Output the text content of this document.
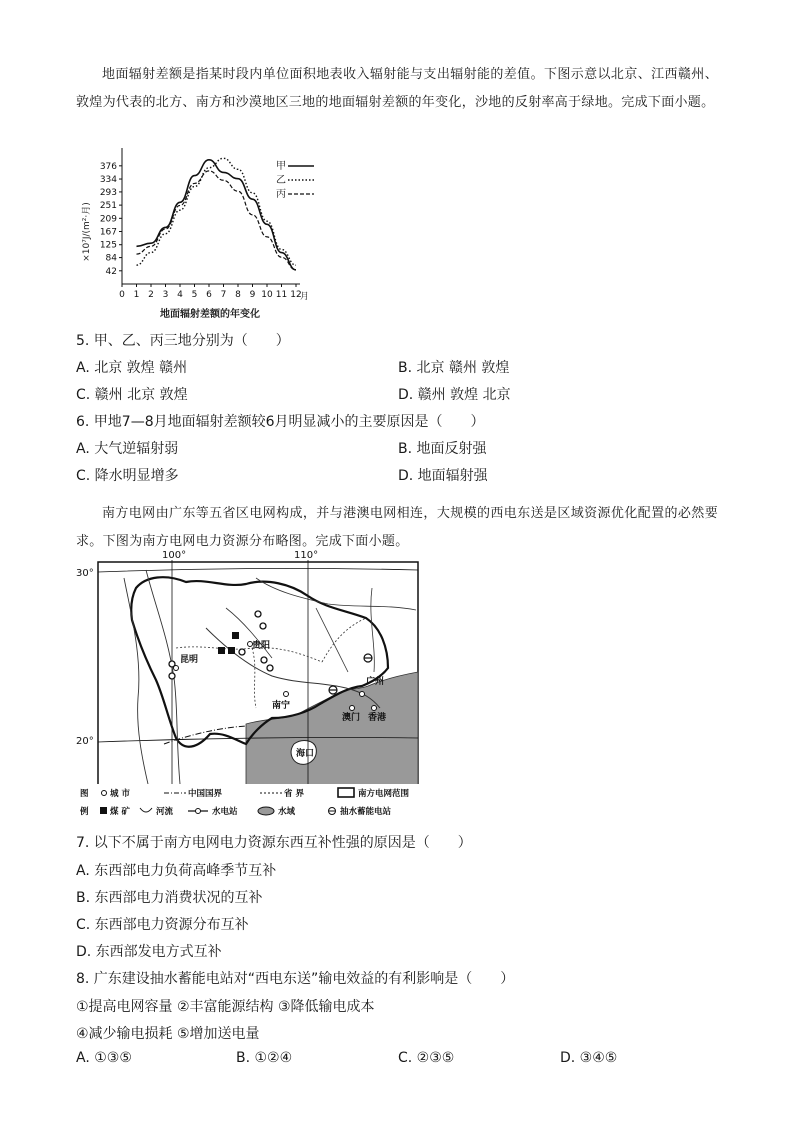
地面辐射差额是指某时段内单位面积地表收入辐射能与支出辐射能的差值。下图示意以北京、江西赣州、敦煌为代表的北方、南方和沙漠地区三地的地面辐射差额的年变化，沙地的反射率高于绿地。完成下面小题。

42
84
125
167
209
251
293
334
376
0 1 2 3 4 5 6 7 8 9 10 11 12
甲
乙
丙
×10⁷J/(m²·月)
月
地面辐射差额的年变化
5. 甲、乙、丙三地分别为（　　）
A. 北京 敦煌 赣州	B. 北京 赣州 敦煌
C. 赣州 北京 敦煌	D. 赣州 敦煌 北京
6. 甲地7—8月地面辐射差额较6月明显减小的主要原因是（　　）
A. 大气逆辐射弱	B. 地面反射强
C. 降水明显增多	D. 地面辐射强

南方电网由广东等五省区电网构成，并与港澳电网相连，大规模的西电东送是区域资源优化配置的必然要求。下图为南方电网电力资源分布略图。完成下面小题。

昆明
贵阳
南宁
广州
澳门 香港
海口
100°	110°
30°
20°
图
例
城 市	中国国界	省 界	南方电网范围
煤 矿	河流	水电站	水域	抽水蓄能电站
7. 以下不属于南方电网电力资源东西互补性强的原因是（　　）
A. 东西部电力负荷高峰季节互补
B. 东西部电力消费状况的互补
C. 东西部电力资源分布互补
D. 东西部发电方式互补
8. 广东建设抽水蓄能电站对“西电东送”输电效益的有利影响是（　　）
①提高电网容量 ②丰富能源结构 ③降低输电成本
④减少输电损耗 ⑤增加送电量
A. ①③⑤	B. ①②④	C. ②③⑤	D. ③④⑤
